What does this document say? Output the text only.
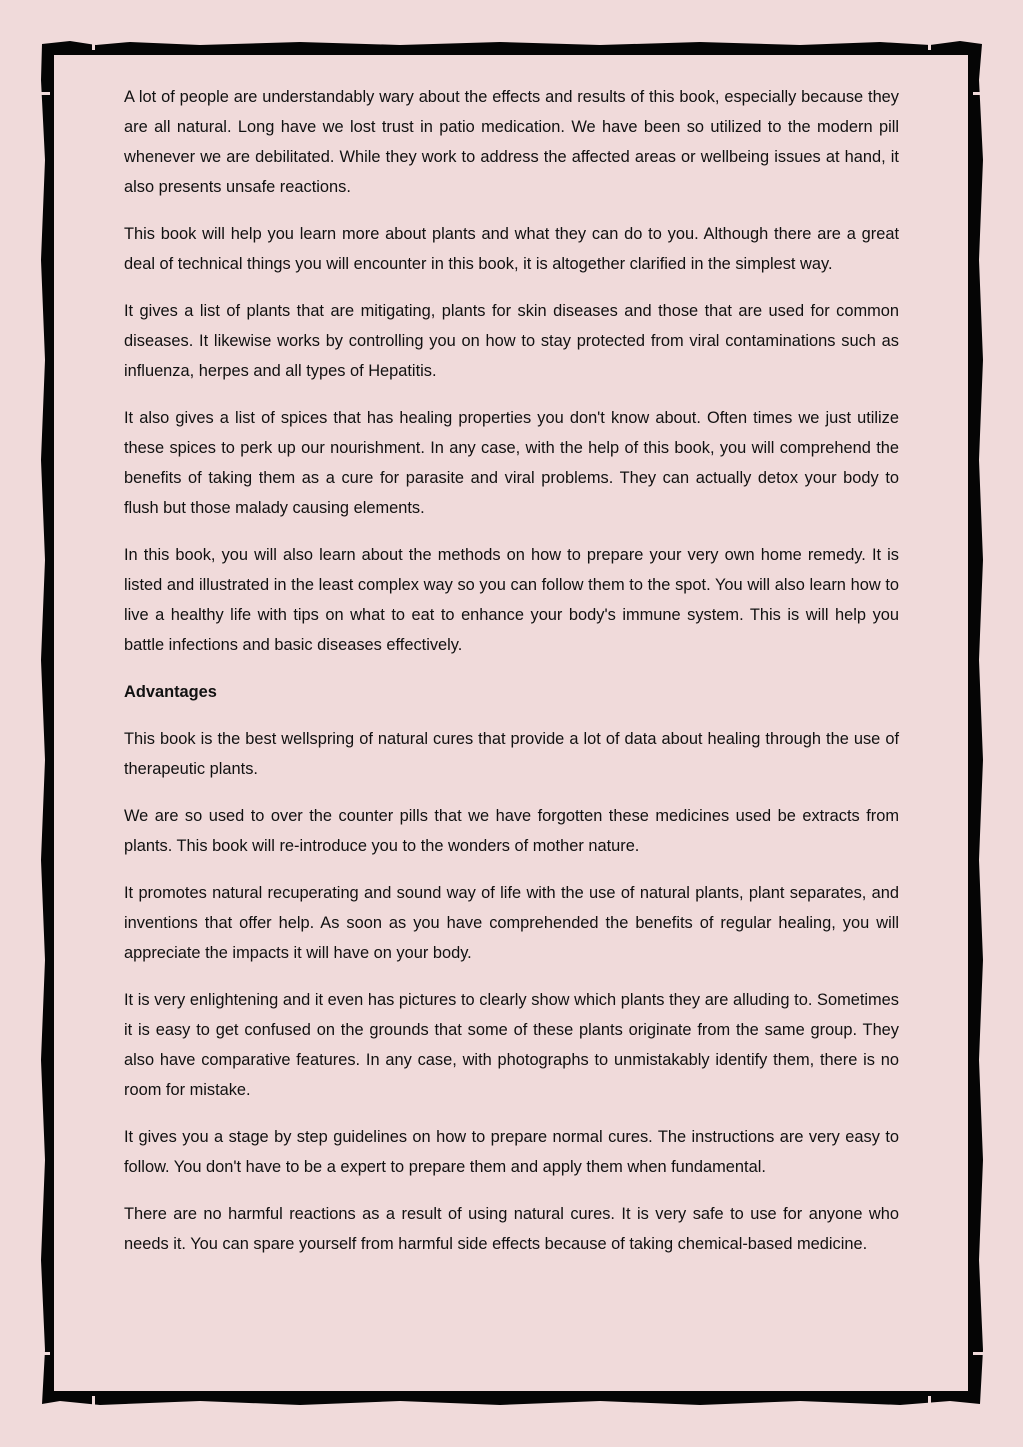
A lot of people are understandably wary about the effects and results of this book, especially because they are all natural. Long have we lost trust in patio medication. We have been so utilized to the modern pill whenever we are debilitated. While they work to address the affected areas or wellbeing issues at hand, it also presents unsafe reactions.

This book will help you learn more about plants and what they can do to you. Although there are a great deal of technical things you will encounter in this book, it is altogether clarified in the simplest way.

It gives a list of plants that are mitigating, plants for skin diseases and those that are used for common diseases. It likewise works by controlling you on how to stay protected from viral contaminations such as influenza, herpes and all types of Hepatitis.

It also gives a list of spices that has healing properties you don't know about. Often times we just utilize these spices to perk up our nourishment. In any case, with the help of this book, you will comprehend the benefits of taking them as a cure for parasite and viral problems. They can actually detox your body to flush but those malady causing elements.

In this book, you will also learn about the methods on how to prepare your very own home remedy. It is listed and illustrated in the least complex way so you can follow them to the spot. You will also learn how to live a healthy life with tips on what to eat to enhance your body's immune system. This is will help you battle infections and basic diseases effectively.

Advantages

This book is the best wellspring of natural cures that provide a lot of data about healing through the use of therapeutic plants.

We are so used to over the counter pills that we have forgotten these medicines used be extracts from plants. This book will re-introduce you to the wonders of mother nature.

It promotes natural recuperating and sound way of life with the use of natural plants, plant separates, and inventions that offer help. As soon as you have comprehended the benefits of regular healing, you will appreciate the impacts it will have on your body.

It is very enlightening and it even has pictures to clearly show which plants they are alluding to. Sometimes it is easy to get confused on the grounds that some of these plants originate from the same group. They also have comparative features. In any case, with photographs to unmistakably identify them, there is no room for mistake.

It gives you a stage by step guidelines on how to prepare normal cures. The instructions are very easy to follow. You don't have to be a expert to prepare them and apply them when fundamental.

There are no harmful reactions as a result of using natural cures. It is very safe to use for anyone who needs it. You can spare yourself from harmful side effects because of taking chemical-based medicine.
